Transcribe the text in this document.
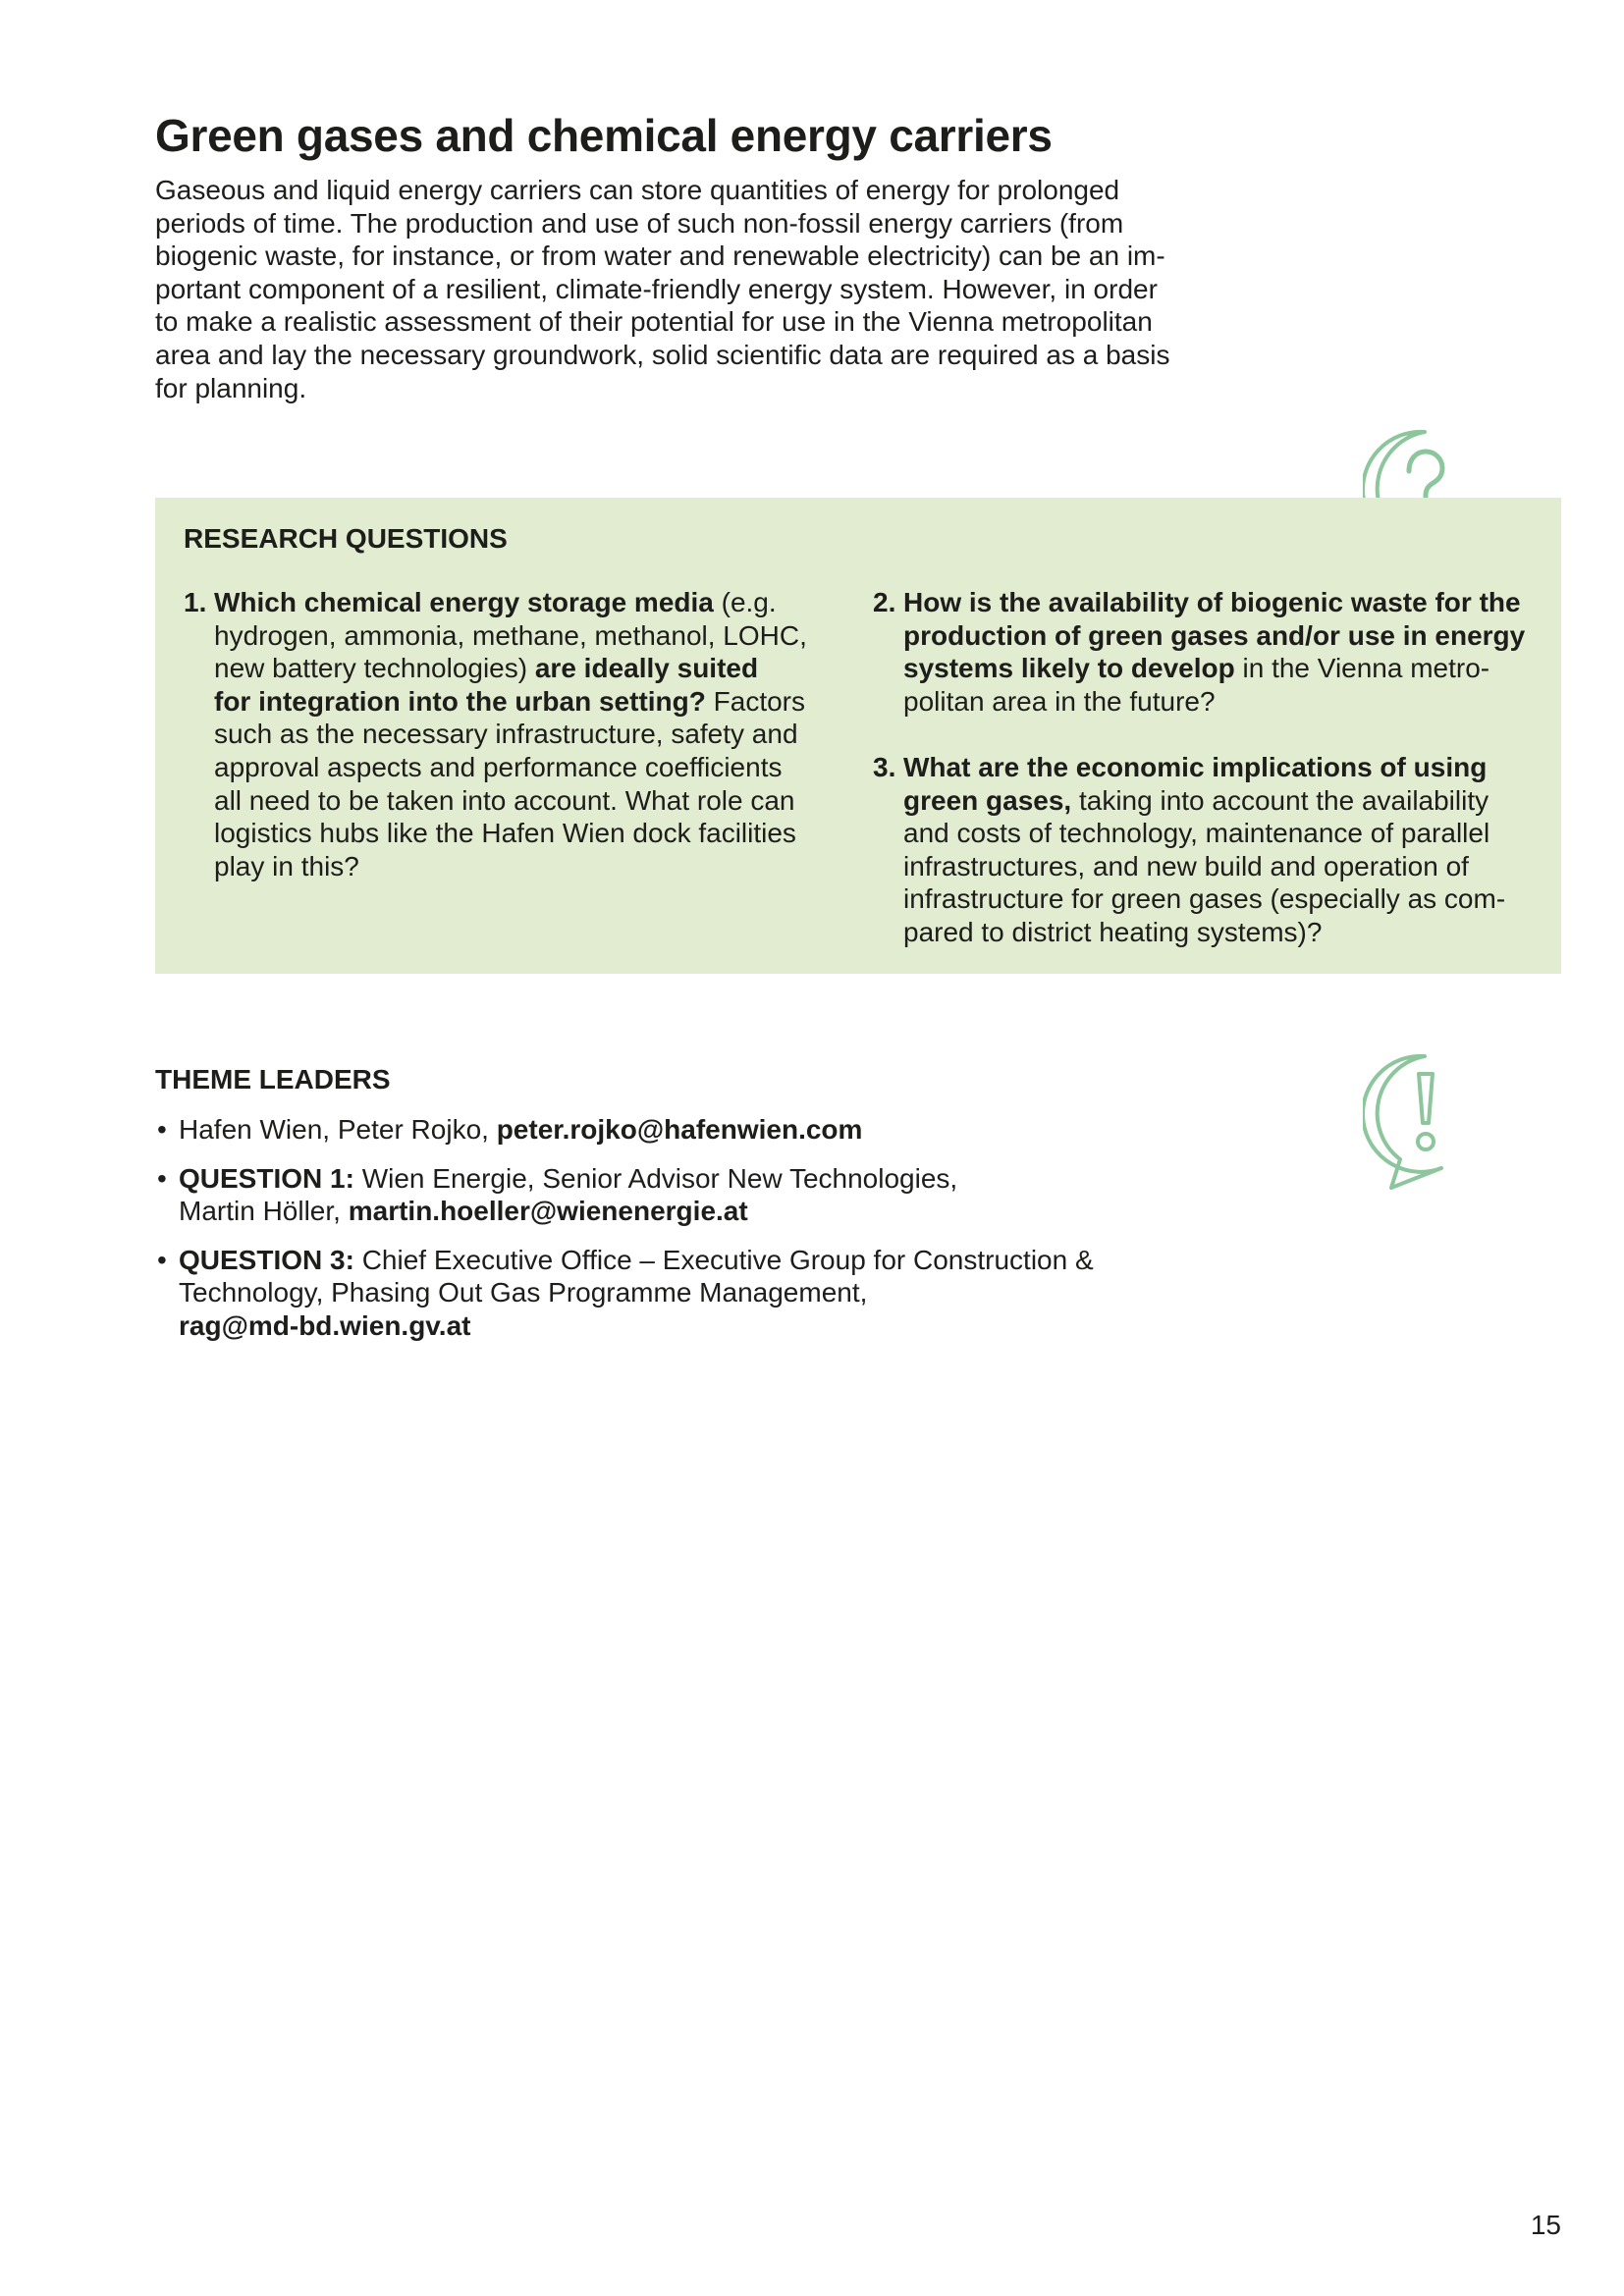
Green gases and chemical energy carriers

Gaseous and liquid energy carriers can store quantities of energy for prolonged
periods of time. The production and use of such non-fossil energy carriers (from
biogenic waste, for instance, or from water and renewable electricity) can be an im-
portant component of a resilient, climate-friendly energy system. However, in order
to make a realistic assessment of their potential for use in the Vienna metropolitan
area and lay the necessary groundwork, solid scientific data are required as a basis
for planning.

RESEARCH QUESTIONS
1. Which chemical energy storage media (e.g.
hydrogen, ammonia, methane, methanol, LOHC,
new battery technologies) are ideally suited
for integration into the urban setting? Factors
such as the necessary infrastructure, safety and
approval aspects and performance coefficients
all need to be taken into account. What role can
logistics hubs like the Hafen Wien dock facilities
play in this?
2. How is the availability of biogenic waste for the
production of green gases and/or use in energy
systems likely to develop in the Vienna metro-
politan area in the future?
3. What are the economic implications of using
green gases, taking into account the availability
and costs of technology, maintenance of parallel
infrastructures, and new build and operation of
infrastructure for green gases (especially as com-
pared to district heating systems)?
THEME LEADERS
• Hafen Wien, Peter Rojko, peter.rojko@hafenwien.com
• QUESTION 1: Wien Energie, Senior Advisor New Technologies,
Martin Höller, martin.hoeller@wienenergie.at
• QUESTION 3: Chief Executive Office – Executive Group for Construction &
Technology, Phasing Out Gas Programme Management,
rag@md-bd.wien.gv.at
15
